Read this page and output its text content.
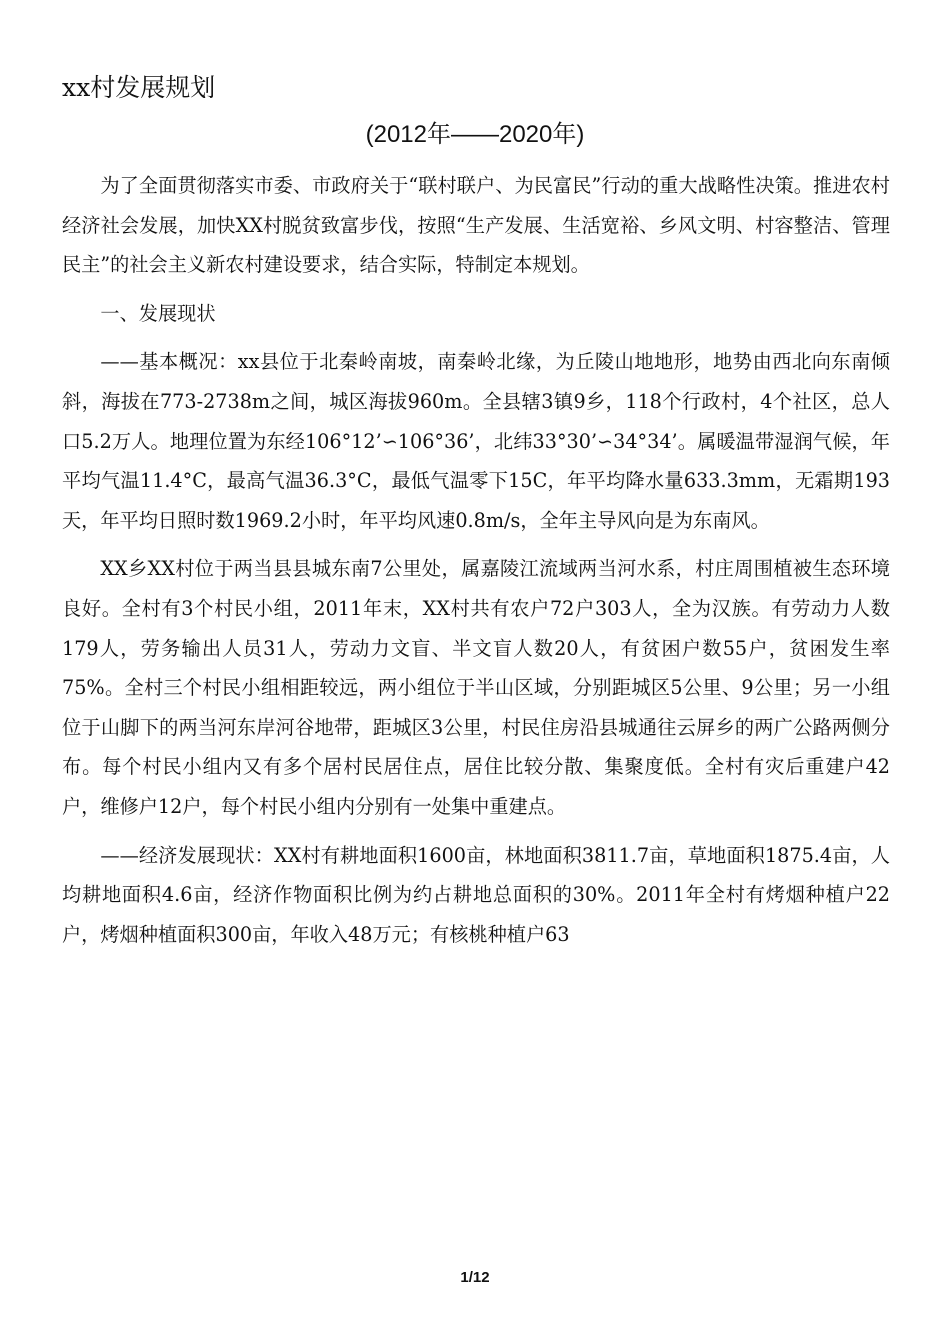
xx村发展规划
(2012年——2020年)

为了全面贯彻落实市委、市政府关于“联村联户、为民富民”行动的重大战略性决策。推进农村经济社会发展，加快XX村脱贫致富步伐，按照“生产发展、生活宽裕、乡风文明、村容整洁、管理民主”的社会主义新农村建设要求，结合实际，特制定本规划。

一、发展现状

——基本概况：xx县位于北秦岭南坡，南秦岭北缘，为丘陵山地地形，地势由西北向东南倾斜，海拔在773-2738m之间，城区海拔960m。全县辖3镇9乡，118个行政村，4个社区，总人口5.2万人。地理位置为东经106°12’∽106°36’，北纬33°30’∽34°34’。属暖温带湿润气候，年平均气温11.4°C，最高气温36.3°C，最低气温零下15C，年平均降水量633.3mm，无霜期193天，年平均日照时数1969.2小时，年平均风速0.8m/s，全年主导风向是为东南风。

XX乡XX村位于两当县县城东南7公里处，属嘉陵江流域两当河水系，村庄周围植被生态环境良好。全村有3个村民小组，2011年末，XX村共有农户72户303人，全为汉族。有劳动力人数179人，劳务输出人员31人，劳动力文盲、半文盲人数20人，有贫困户数55户，贫困发生率75%。全村三个村民小组相距较远，两小组位于半山区域，分别距城区5公里、9公里；另一小组位于山脚下的两当河东岸河谷地带，距城区3公里，村民住房沿县城通往云屏乡的两广公路两侧分布。每个村民小组内又有多个居村民居住点，居住比较分散、集聚度低。全村有灾后重建户42户，维修户12户，每个村民小组内分别有一处集中重建点。

——经济发展现状：XX村有耕地面积1600亩，林地面积3811.7亩，草地面积1875.4亩，人均耕地面积4.6亩，经济作物面积比例为约占耕地总面积的30%。2011年全村有烤烟种植户22户，烤烟种植面积300亩，年收入48万元；有核桃种植户63

1/12
